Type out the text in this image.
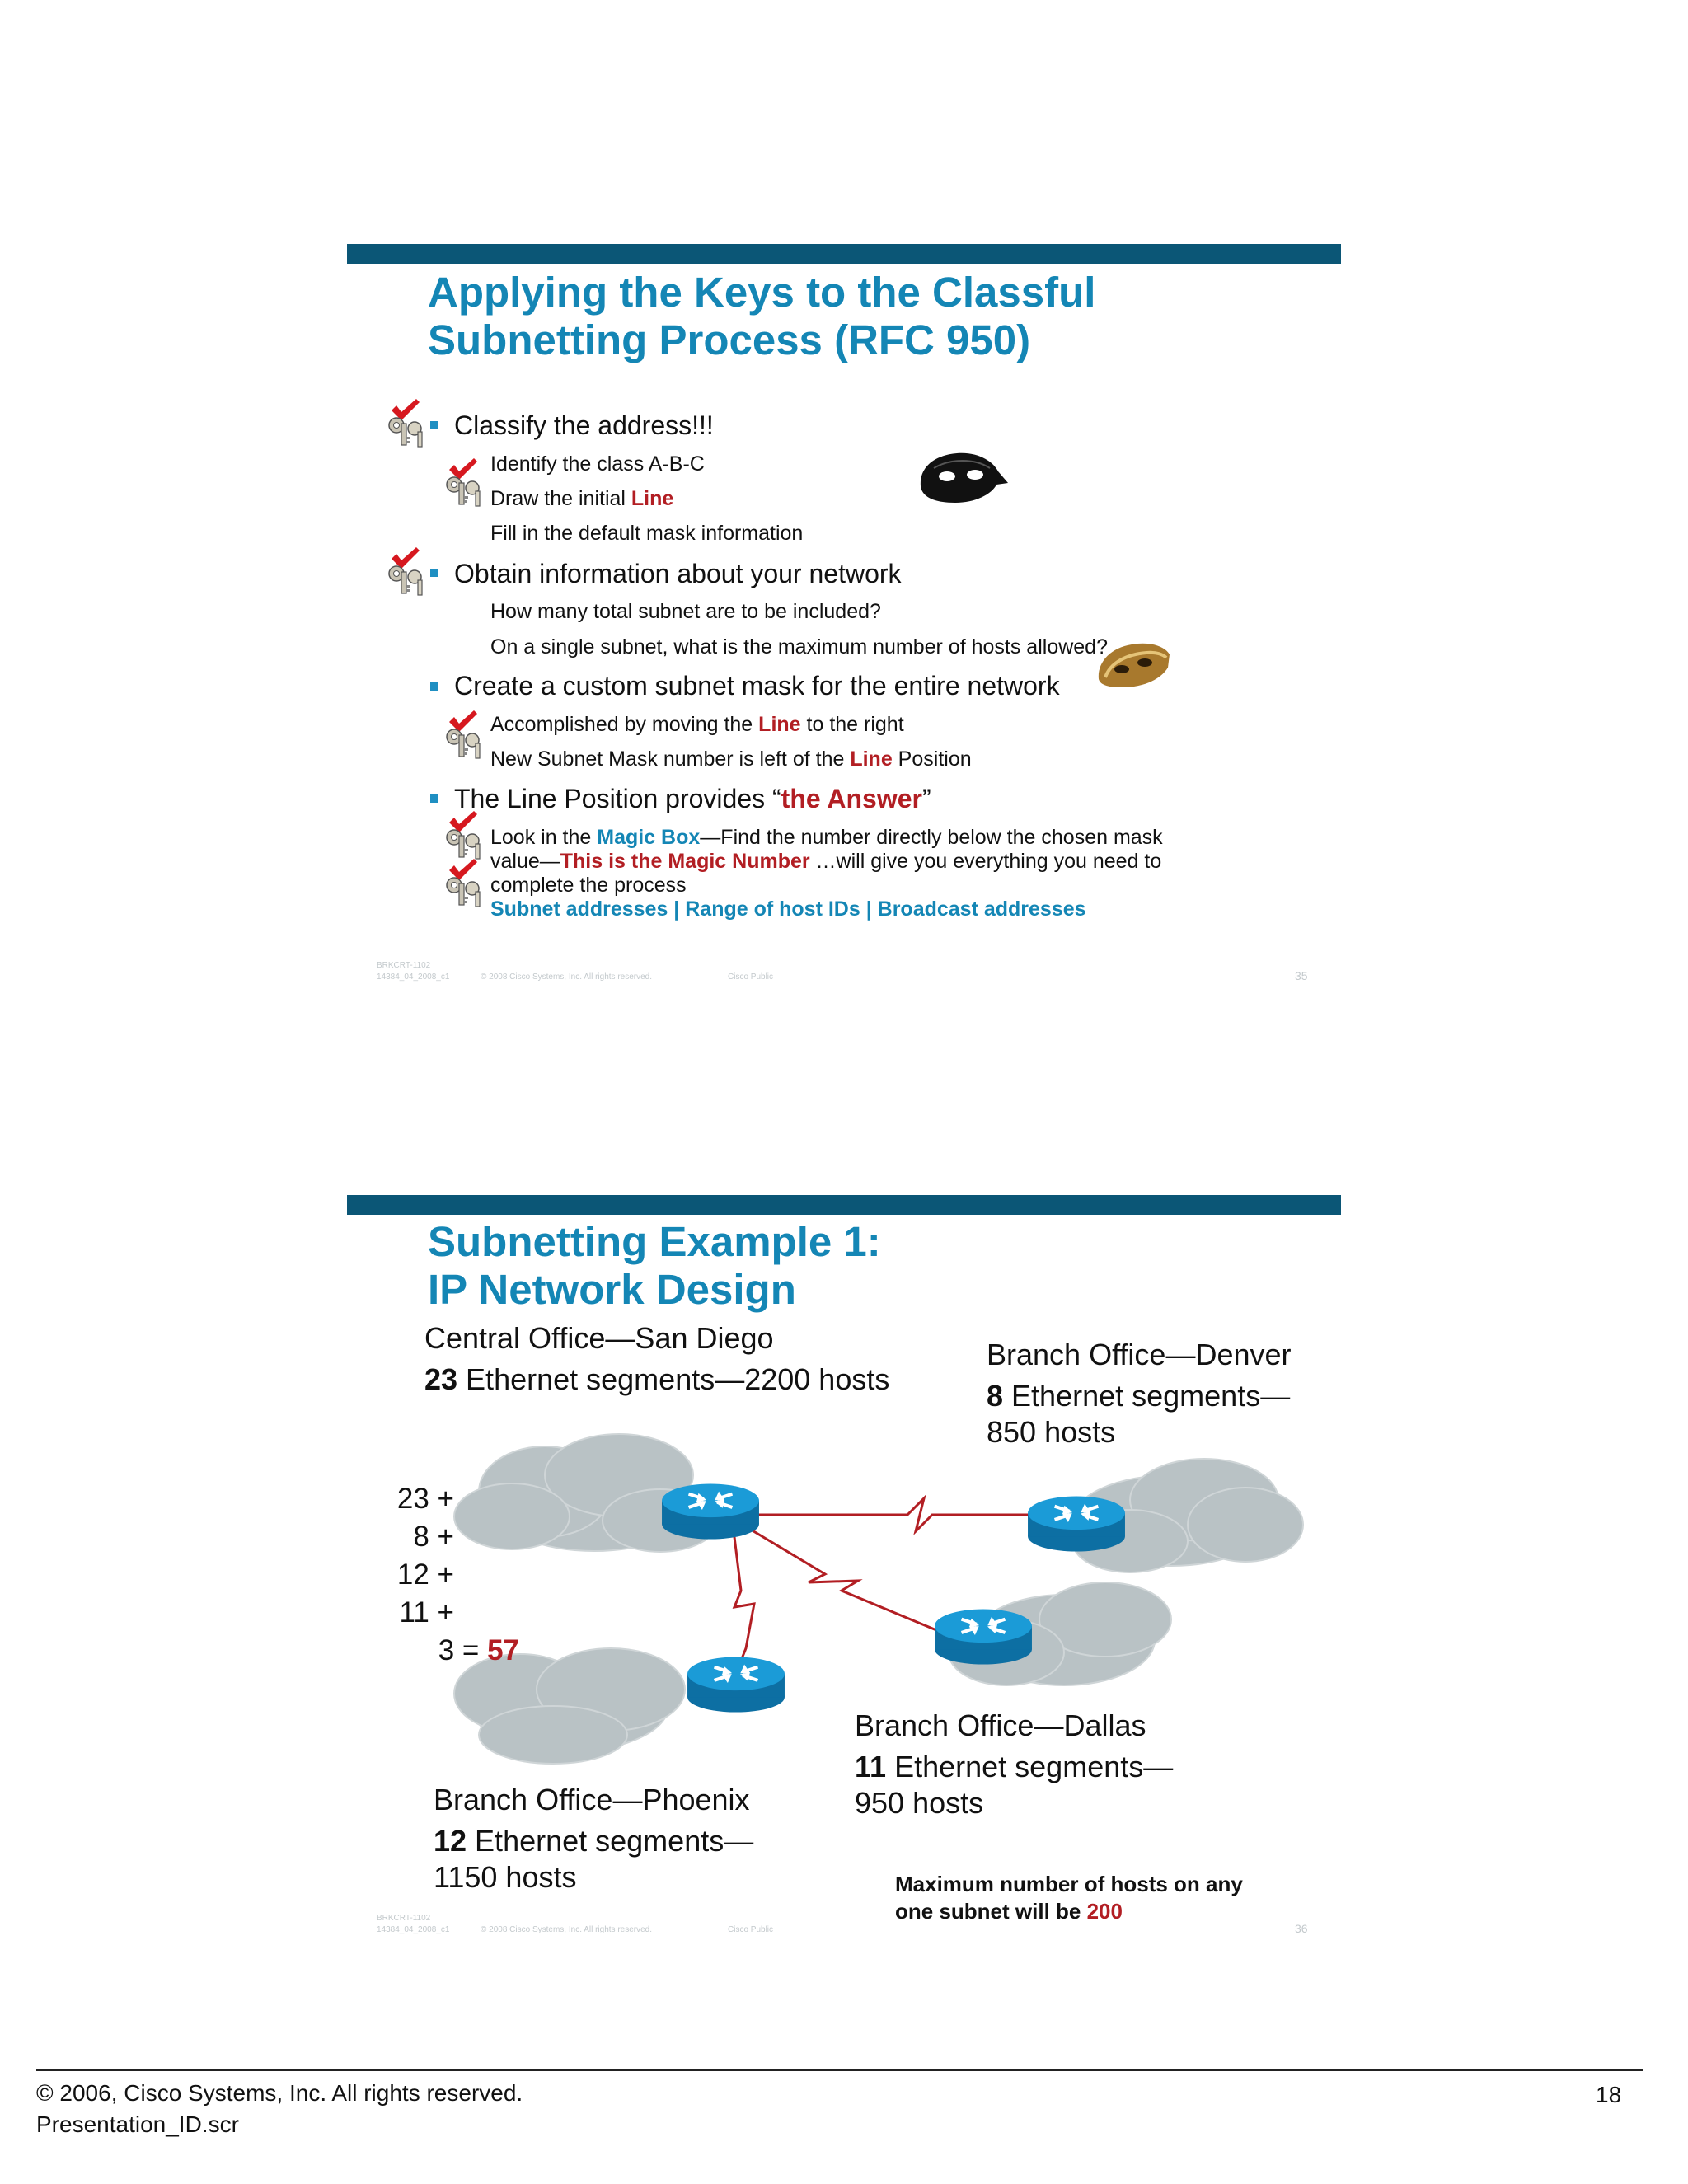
Applying the Keys to the Classful
Subnetting Process (RFC 950)
Classify the address!!!
Identify the class A-B-C
Draw the initial Line
Fill in the default mask information
Obtain information about your network
How many total subnet are to be included?
On a single subnet, what is the maximum number of hosts allowed?
Create a custom subnet mask for the entire network
Accomplished by moving the Line to the right
New Subnet Mask number is left of the Line Position
The Line Position provides “the Answer”
Look in the Magic Box—Find the number directly below the chosen mask
value—This is the Magic Number …will give you everything you need to
complete the process
Subnet addresses | Range of host IDs | Broadcast addresses
BRKCRT-1102
14384_04_2008_c1	© 2008 Cisco Systems, Inc. All rights reserved.	Cisco Public	35
Subnetting Example 1:
IP Network Design
Central Office—San Diego
23 Ethernet segments—2200 hosts
Branch Office—Denver
8 Ethernet segments—
850 hosts
23 +
8 +
12 +
11 +
3 = 57
Branch Office—Dallas
11 Ethernet segments—
950 hosts
Branch Office—Phoenix
12 Ethernet segments—
1150 hosts	Maximum number of hosts on any
one subnet will be 200
BRKCRT-1102
14384_04_2008_c1	© 2008 Cisco Systems, Inc. All rights reserved.	Cisco Public	36
© 2006, Cisco Systems, Inc. All rights reserved.
Presentation_ID.scr
18
